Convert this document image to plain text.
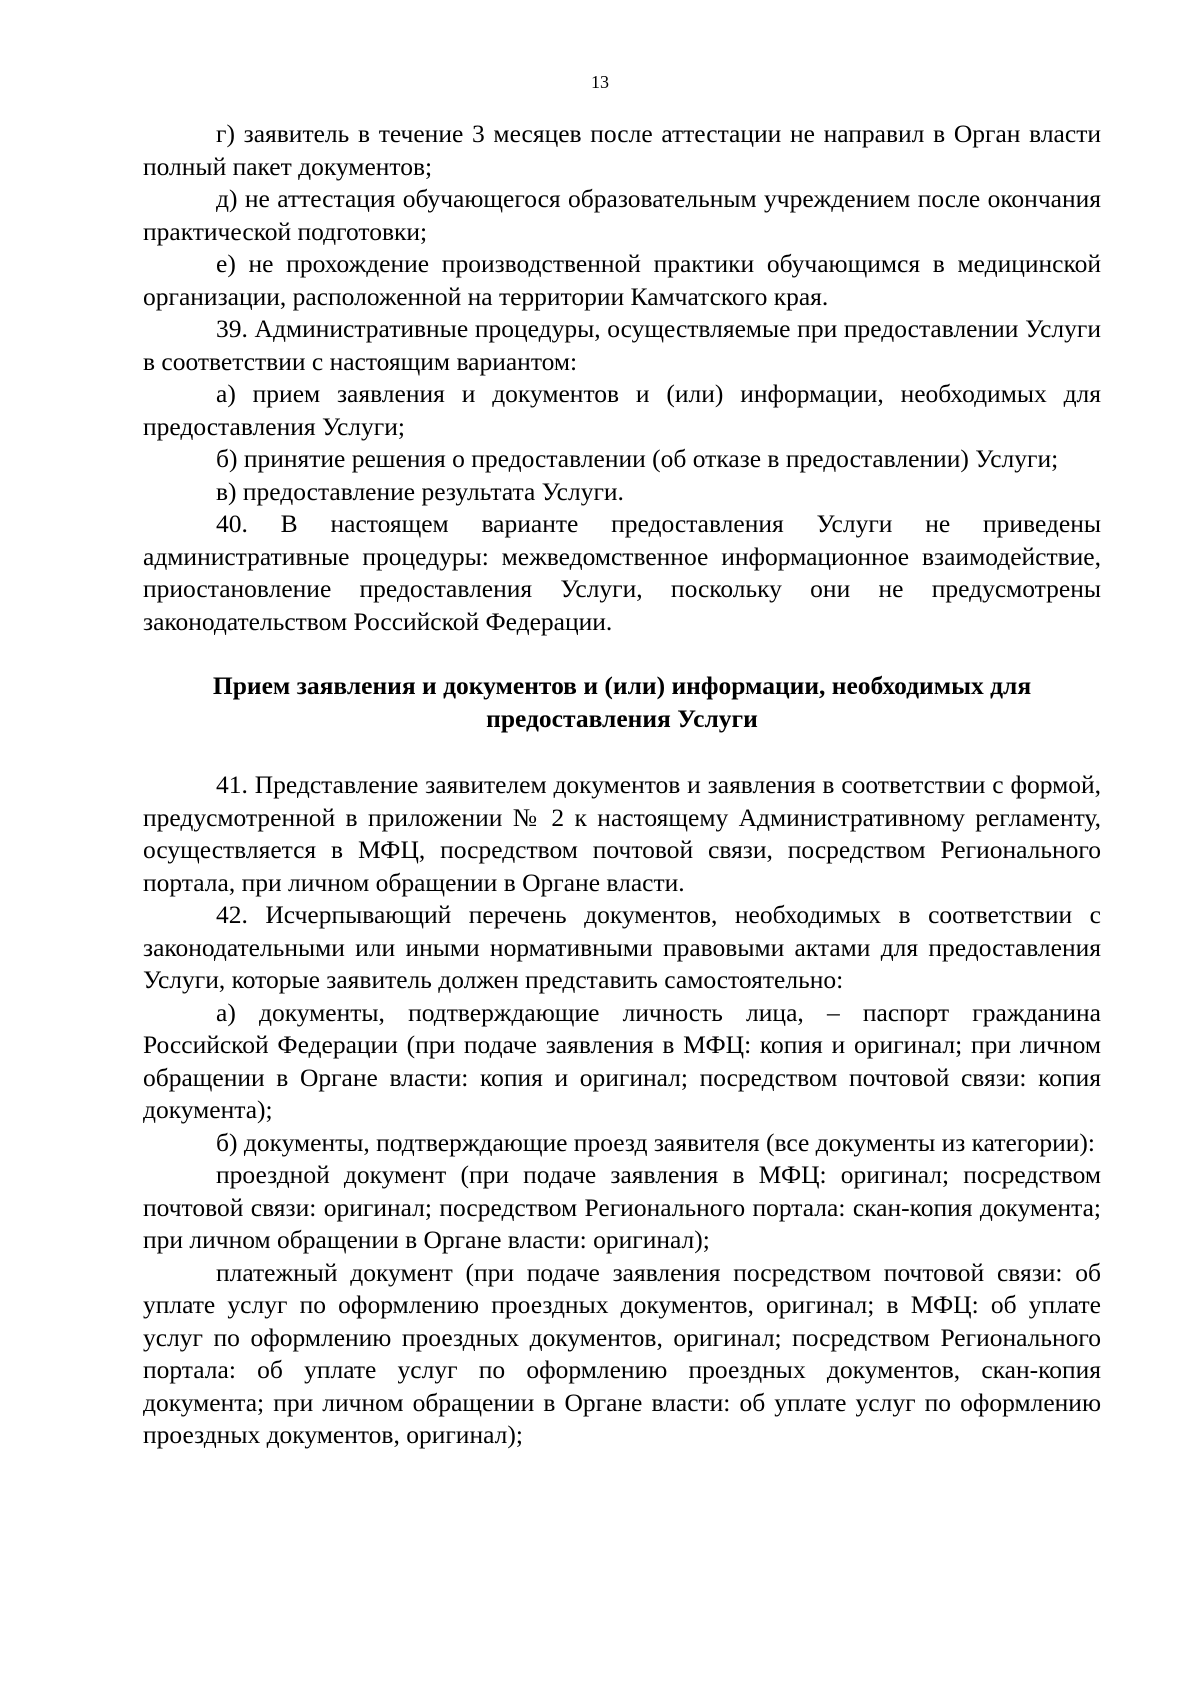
13

г) заявитель в течение 3 месяцев после аттестации не направил в Орган власти полный пакет документов;

д) не аттестация обучающегося образовательным учреждением после окончания практической подготовки;

е) не прохождение производственной практики обучающимся в медицинской организации, расположенной на территории Камчатского края.

39. Административные процедуры, осуществляемые при предоставлении Услуги в соответствии с настоящим вариантом:

а) прием заявления и документов и (или) информации, необходимых для предоставления Услуги;

б) принятие решения о предоставлении (об отказе в предоставлении) Услуги;

в) предоставление результата Услуги.

40. В настоящем варианте предоставления Услуги не приведены административные процедуры: межведомственное информационное взаимодействие, приостановление предоставления Услуги, поскольку они не предусмотрены законодательством Российской Федерации.

Прием заявления и документов и (или) информации, необходимых для
предоставления Услуги

41. Представление заявителем документов и заявления в соответствии с формой, предусмотренной в приложении № 2 к настоящему Административному регламенту, осуществляется в МФЦ, посредством почтовой связи, посредством Регионального портала, при личном обращении в Органе власти.

42. Исчерпывающий перечень документов, необходимых в соответствии с законодательными или иными нормативными правовыми актами для предоставления Услуги, которые заявитель должен представить самостоятельно:

а) документы, подтверждающие личность лица, – паспорт гражданина Российской Федерации (при подаче заявления в МФЦ: копия и оригинал; при личном обращении в Органе власти: копия и оригинал; посредством почтовой связи: копия документа);

б) документы, подтверждающие проезд заявителя (все документы из категории):

проездной документ (при подаче заявления в МФЦ: оригинал; посредством почтовой связи: оригинал; посредством Регионального портала: скан-копия документа; при личном обращении в Органе власти: оригинал);

платежный документ (при подаче заявления посредством почтовой связи: об уплате услуг по оформлению проездных документов, оригинал; в МФЦ: об уплате услуг по оформлению проездных документов, оригинал; посредством Регионального портала: об уплате услуг по оформлению проездных документов, скан-копия документа; при личном обращении в Органе власти: об уплате услуг по оформлению проездных документов, оригинал);
